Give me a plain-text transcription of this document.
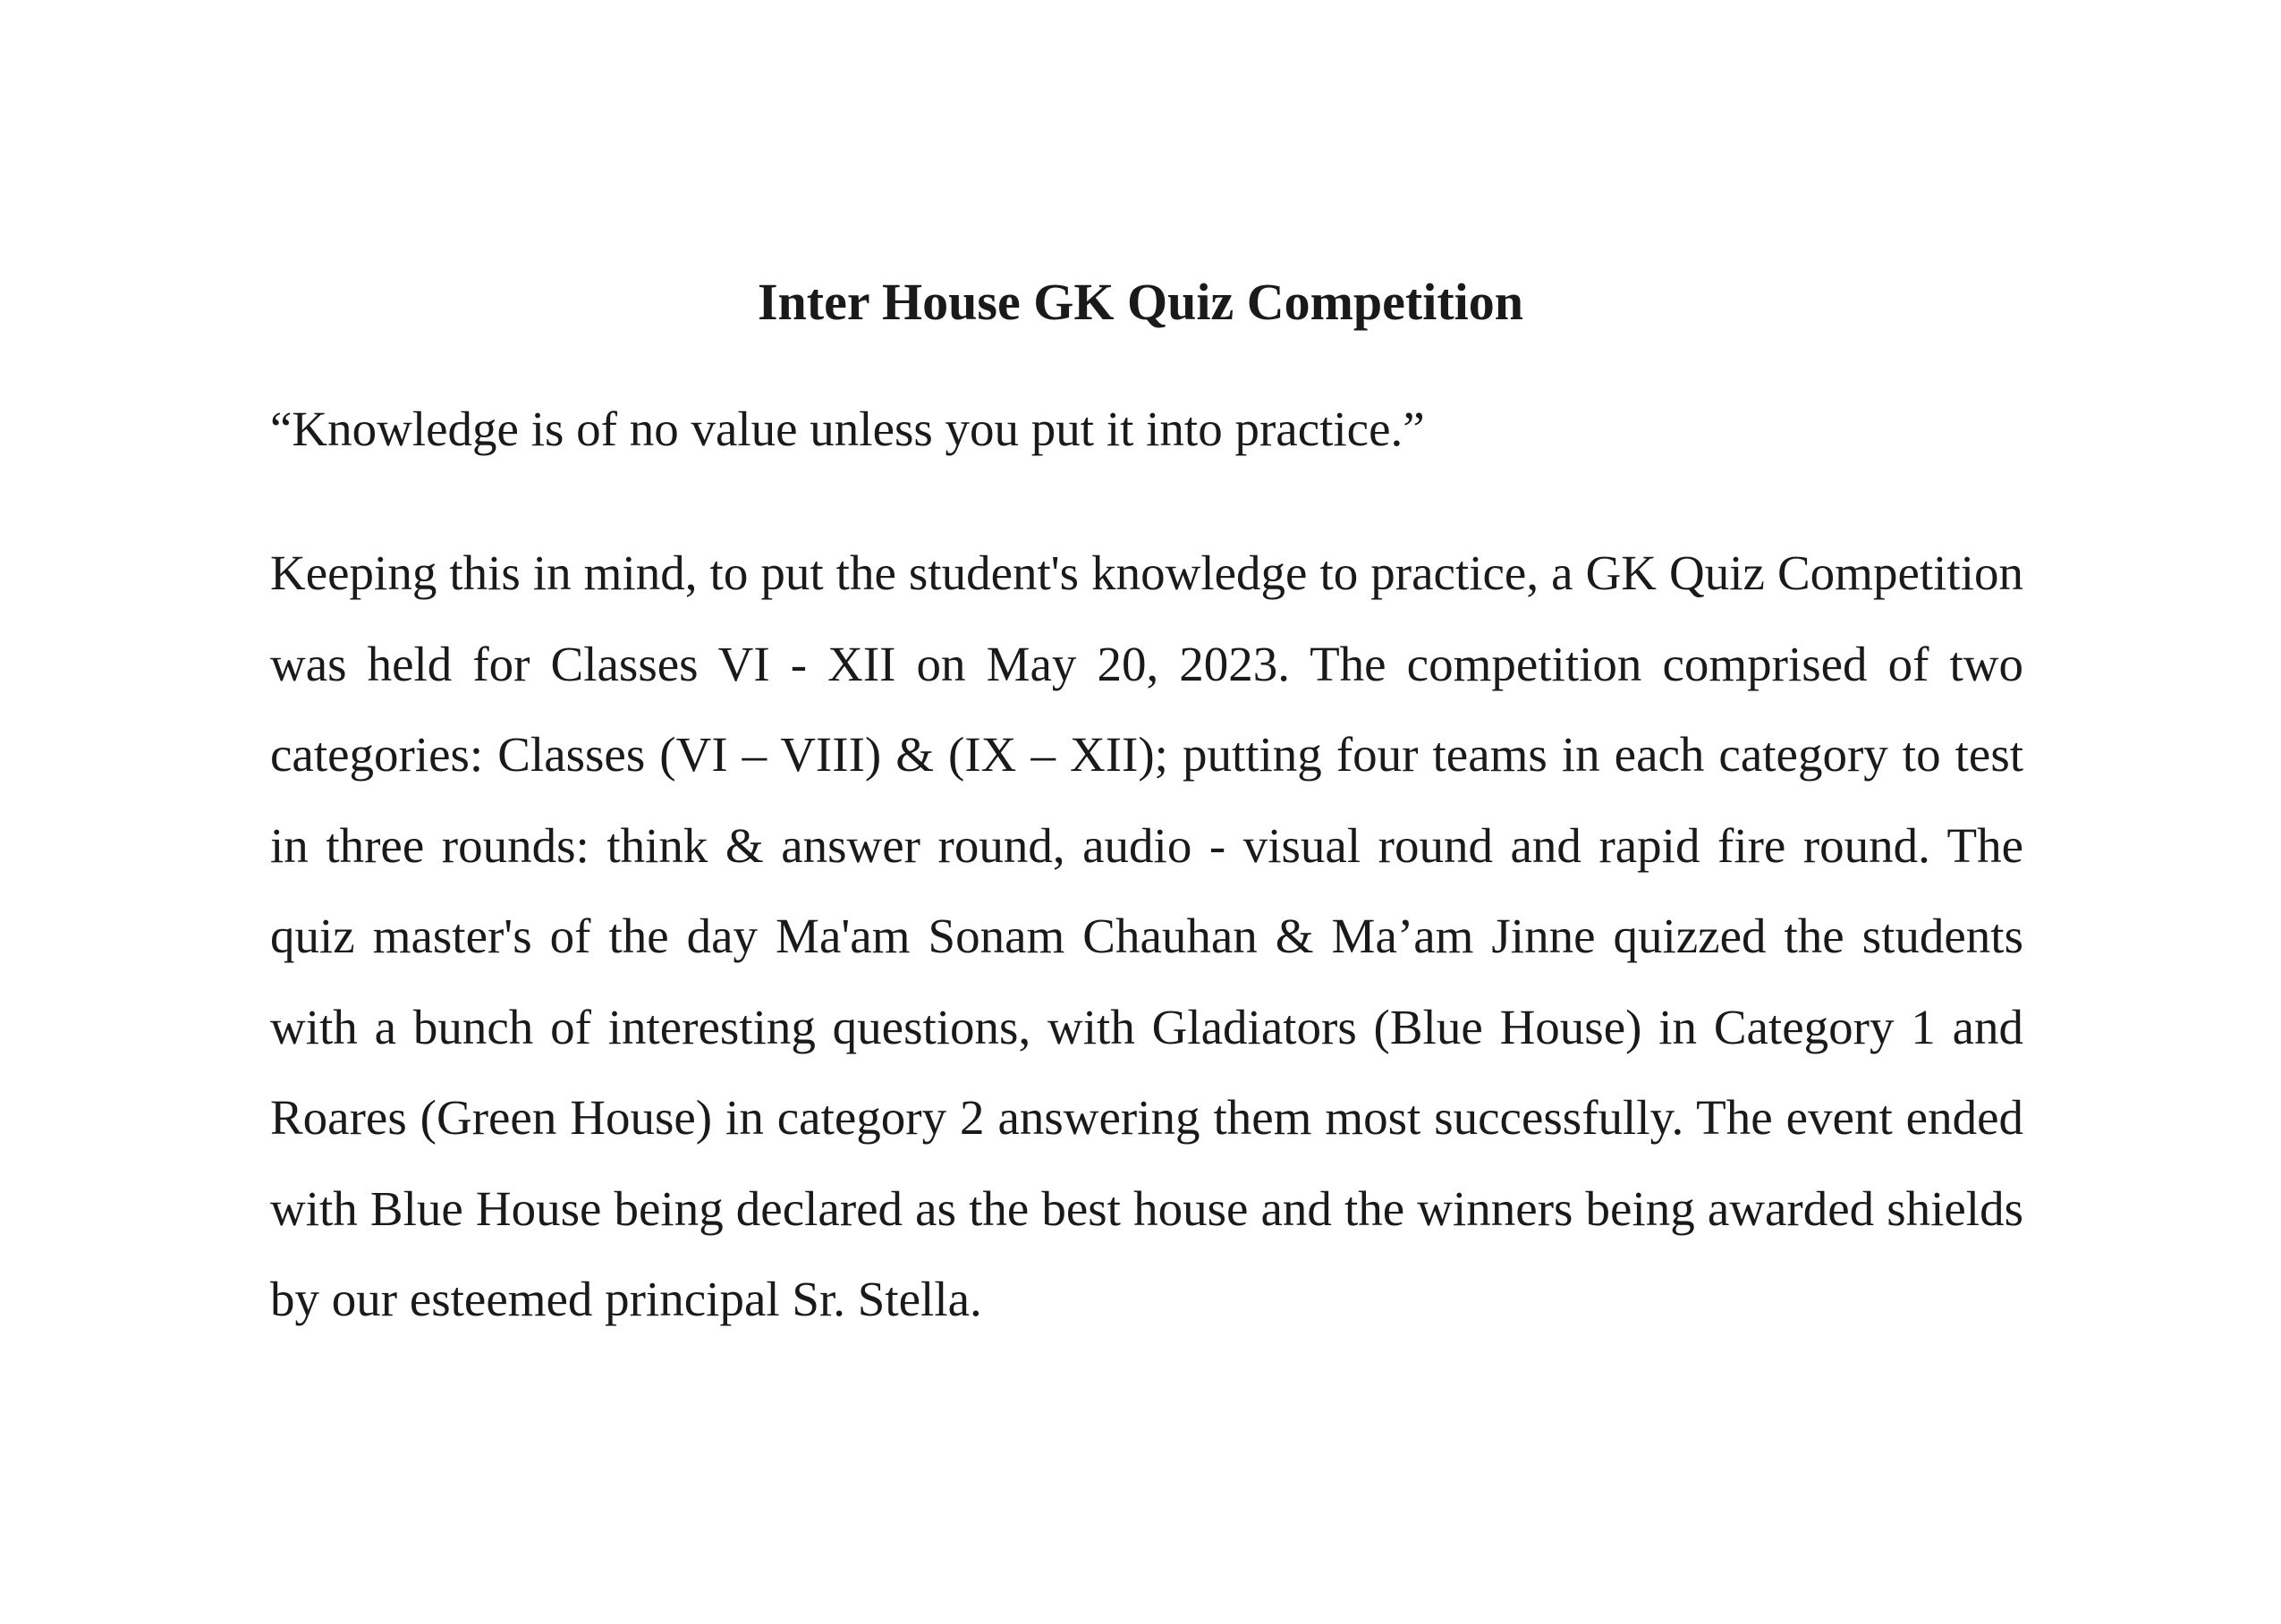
Inter House GK Quiz Competition

“Knowledge is of no value unless you put it into practice.”

Keeping this in mind, to put the student's knowledge to practice, a GK Quiz Competition was held for Classes VI - XII on May 20, 2023. The competition comprised of two categories: Classes (VI – VIII) & (IX – XII); putting four teams in each category to test in three rounds: think & answer round, audio - visual round and rapid fire round. The quiz master's of the day Ma'am Sonam Chauhan & Ma’am Jinne quizzed the students with a bunch of interesting questions, with Gladiators (Blue House) in Category 1 and Roares (Green House) in category 2 answering them most successfully. The event ended with Blue House being declared as the best house and the winners being awarded shields by our esteemed principal Sr. Stella.
